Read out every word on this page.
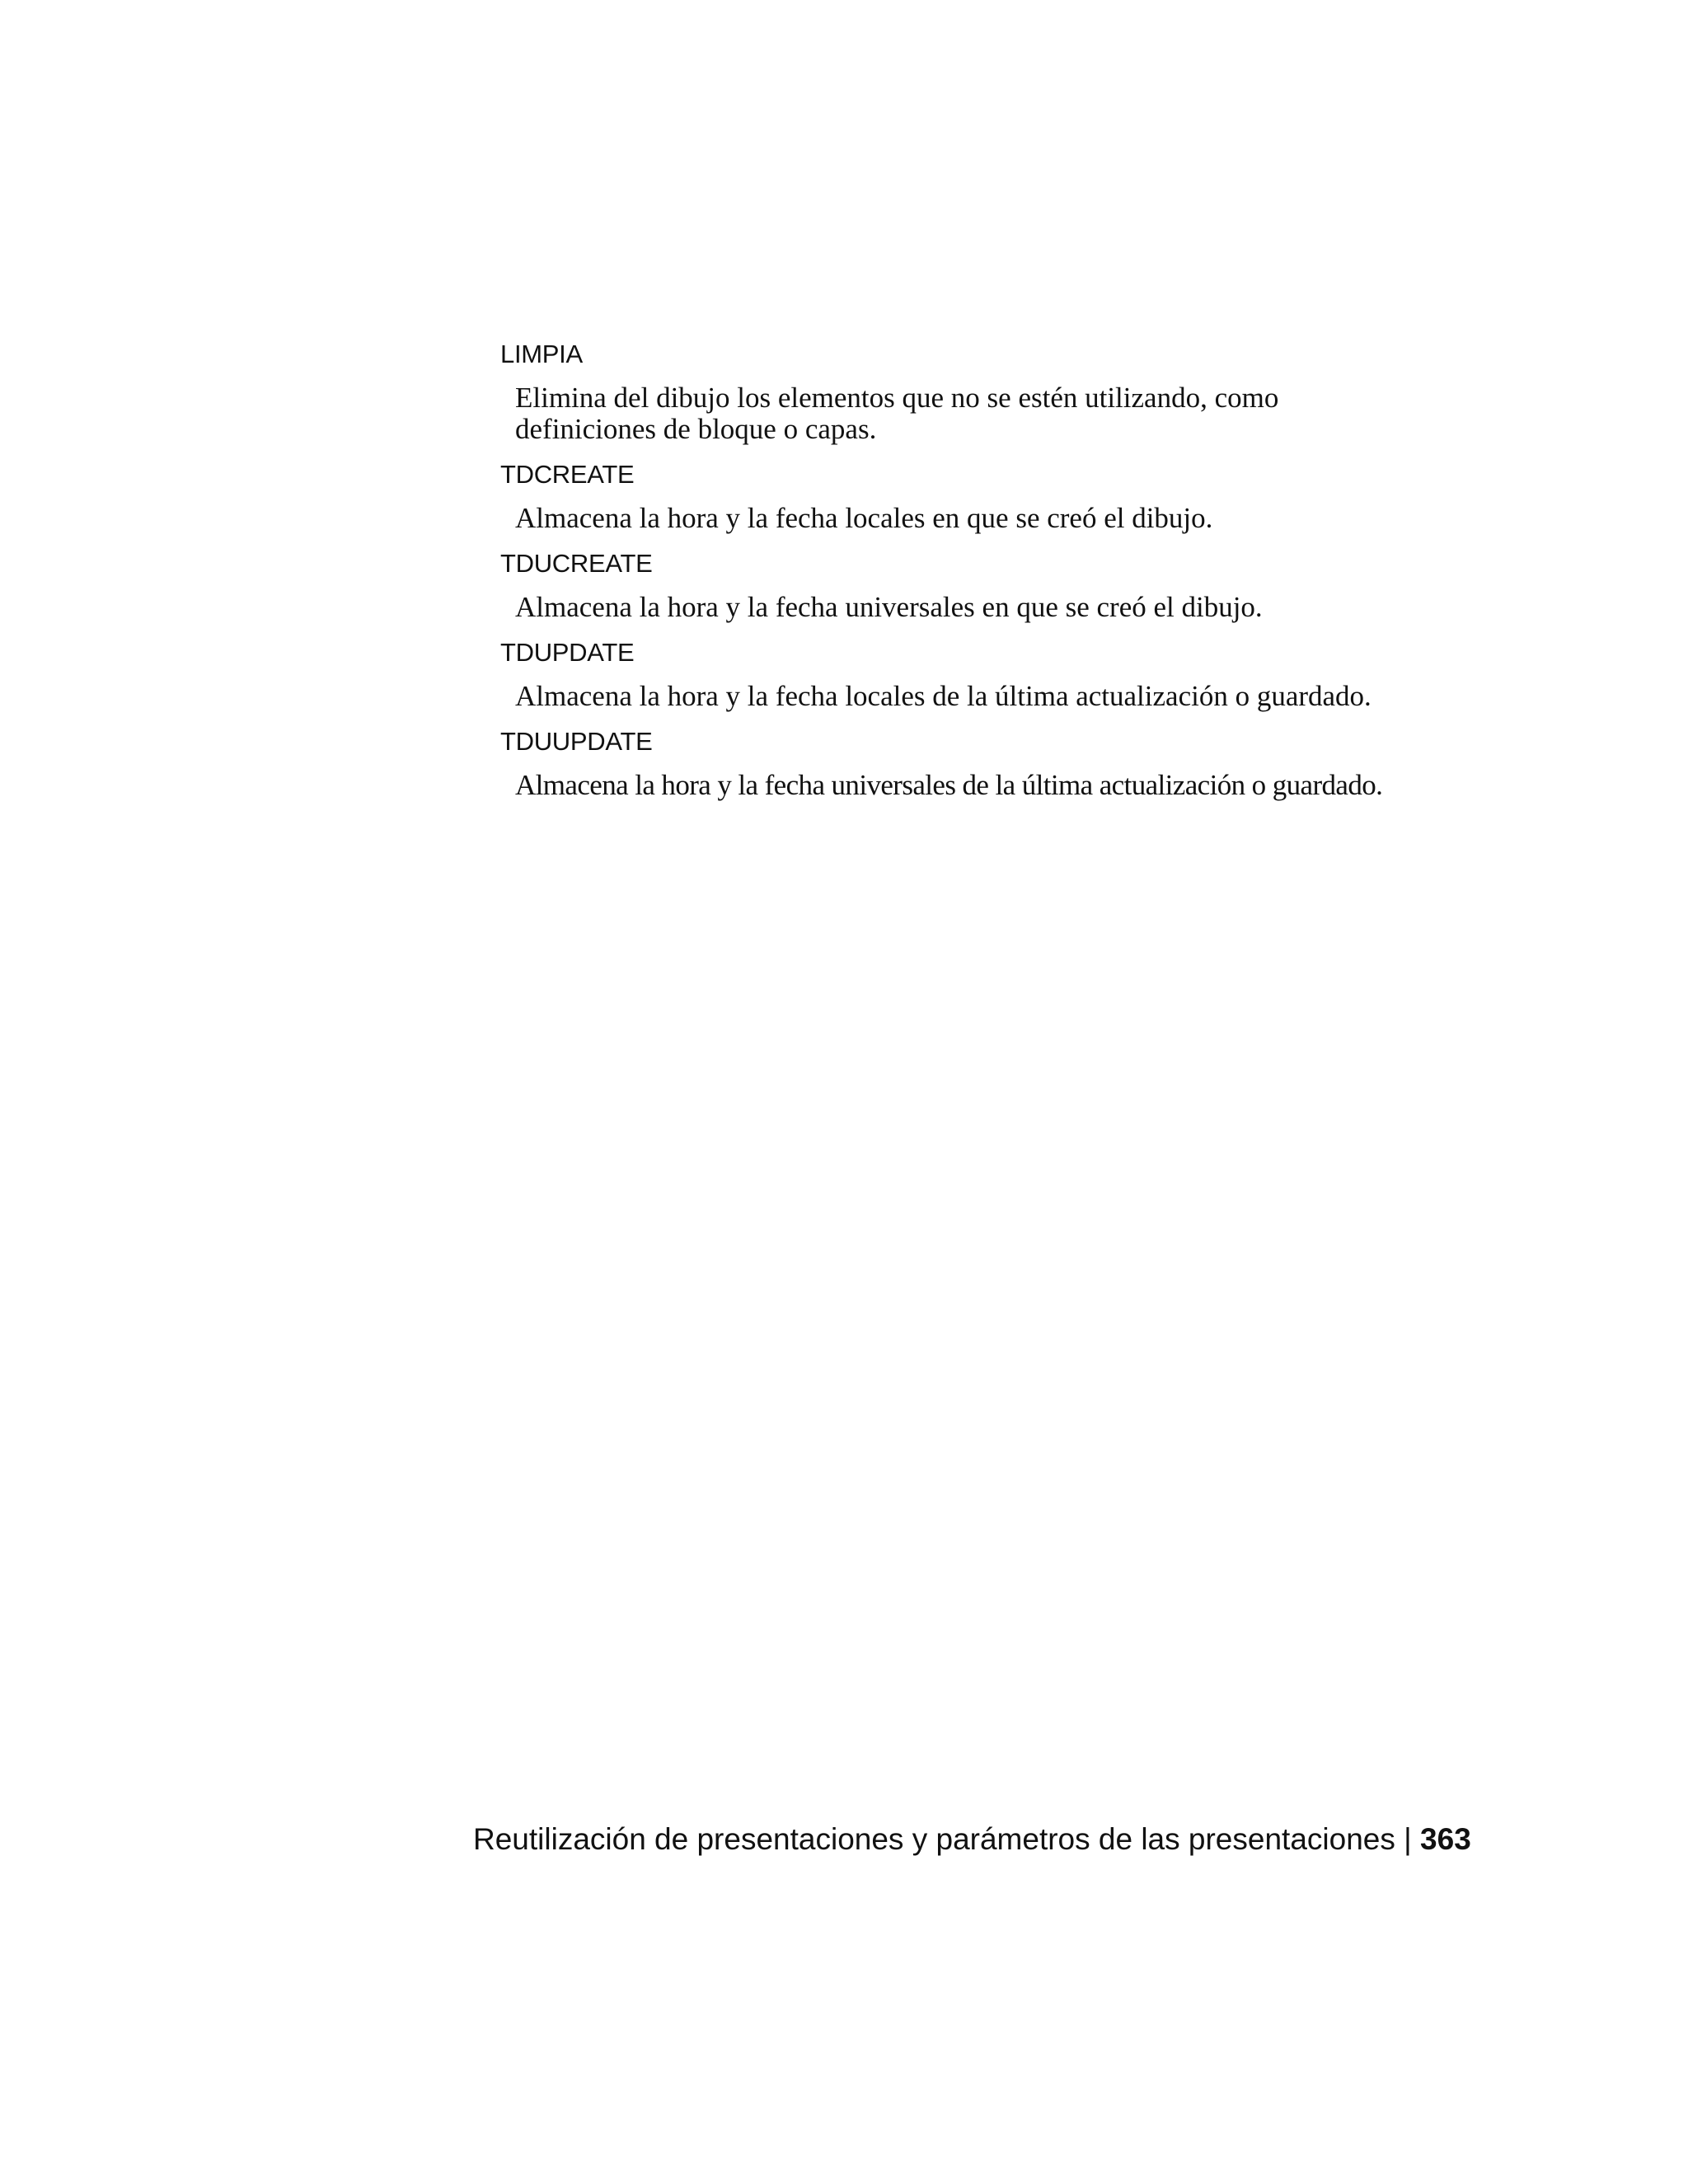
LIMPIA

Elimina del dibujo los elementos que no se estén utilizando, como definiciones de bloque o capas.

TDCREATE

Almacena la hora y la fecha locales en que se creó el dibujo.

TDUCREATE

Almacena la hora y la fecha universales en que se creó el dibujo.

TDUPDATE

Almacena la hora y la fecha locales de la última actualización o guardado.

TDUUPDATE

Almacena la hora y la fecha universales de la última actualización o guardado.

Reutilización de presentaciones y parámetros de las presentaciones | 363
